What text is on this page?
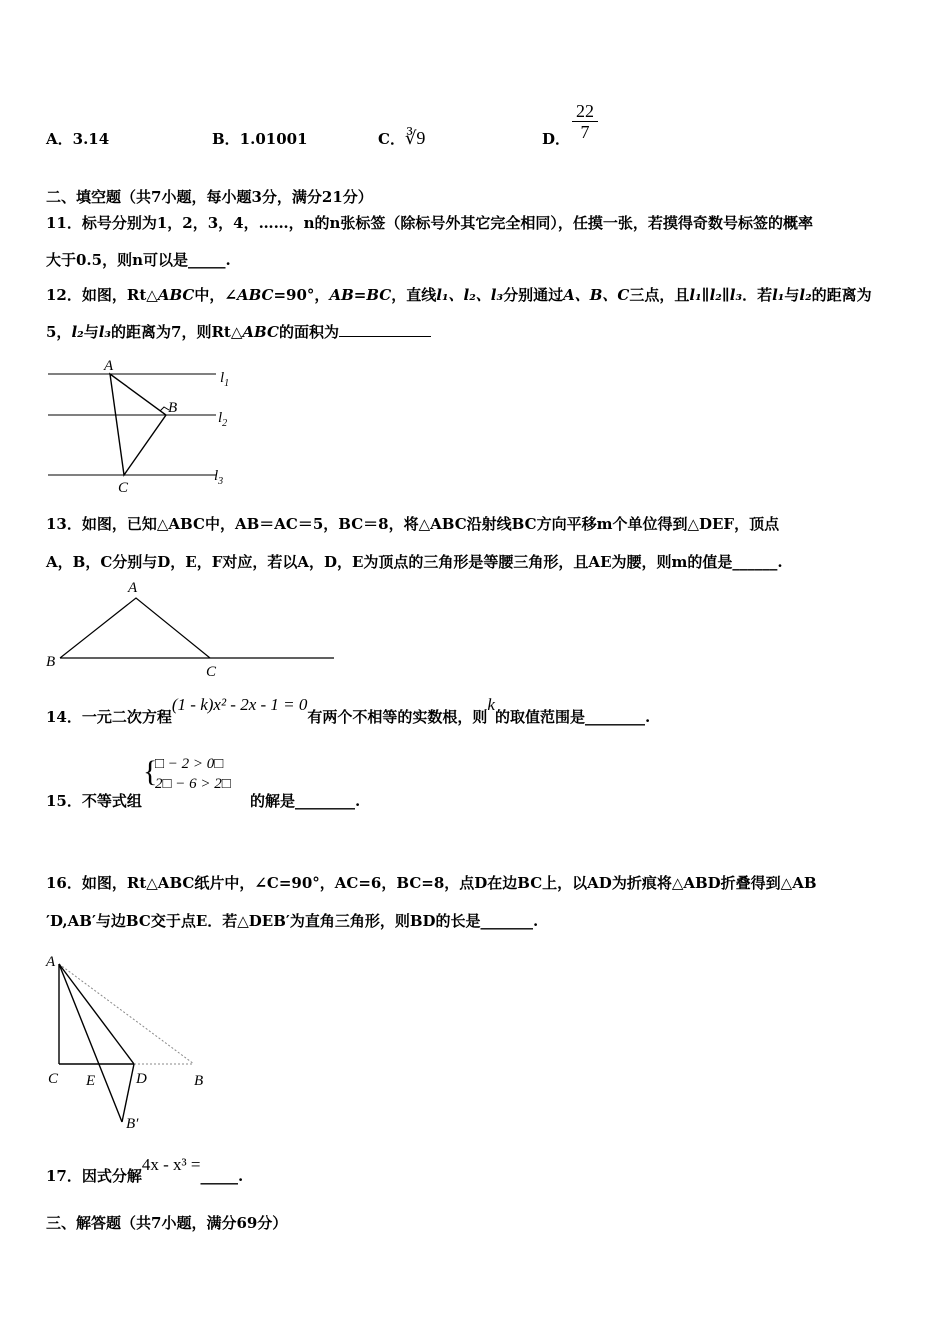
A．3.14	B．1.01001	C．∛9	D． $\frac{22}{7}$
二、填空题（共7小题，每小题3分，满分21分）
11．标号分别为1，2，3，4，……，n的n张标签（除标号外其它完全相同），任摸一张，若摸得奇数号标签的概率
大于0.5，则n可以是_____.
12．如图，Rt△ABC中，∠ABC=90°，AB=BC，直线l₁、l₂、l₃分别通过A、B、C三点，且l₁∥l₂∥l₃．若l₁与l₂的距离为
5，l₂与l₃的距离为7，则Rt△ABC的面积为
A
B
C
$l_1$
$l_2$
$l_3$
13．如图，已知△ABC中，AB＝AC＝5，BC＝8，将△ABC沿射线BC方向平移m个单位得到△DEF，顶点
A，B，C分别与D，E，F对应，若以A，D，E为顶点的三角形是等腰三角形，且AE为腰，则m的值是______.
A
B
C
14．一元二次方程(1 - k)x² - 2x - 1 = 0有两个不相等的实数根，则k的取值范围是________.
15．不等式组
{
□ − 2 > 0□
2□ − 6 > 2□
的解是________.
16．如图，Rt△ABC纸片中，∠C=90°，AC=6，BC=8，点D在边BC上，以AD为折痕将△ABD折叠得到△AB
′D,AB′与边BC交于点E．若△DEB′为直角三角形，则BD的长是_______.
A
C E	D	B
B′
17．因式分解4x - x³ =_____.
三、解答题（共7小题，满分69分）
